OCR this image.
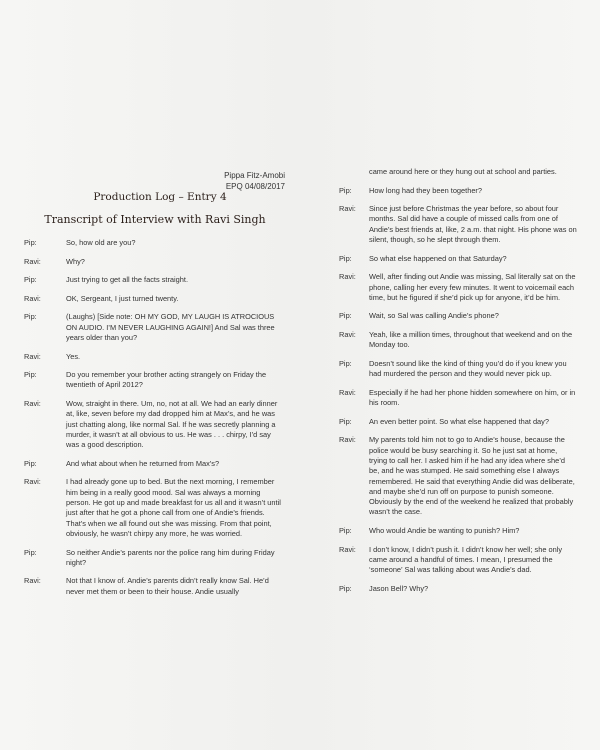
Pippa Fitz-Amobi
EPQ 04/08/2017
Production Log – Entry 4
Transcript of Interview with Ravi Singh
Pip:	So, how old are you?
Ravi:	Why?
Pip:	Just trying to get all the facts straight.
Ravi:	OK, Sergeant, I just turned twenty.
Pip:	(Laughs) [Side note: OH MY GOD, MY LAUGH IS ATROCIOUS ON AUDIO. I’M NEVER LAUGHING AGAIN!] And Sal was three years older than you?
Ravi:	Yes.
Pip:	Do you remember your brother acting strangely on Friday the twentieth of April 2012?
Ravi:	Wow, straight in there. Um, no, not at all. We had an early dinner at, like, seven before my dad dropped him at Max’s, and he was just chatting along, like normal Sal. If he was secretly planning a murder, it wasn’t at all obvious to us. He was . . . chirpy, I’d say was a good description.
Pip:	And what about when he returned from Max’s?
Ravi:	I had already gone up to bed. But the next morning, I remember him being in a really good mood. Sal was always a morning person. He got up and made breakfast for us all and it wasn’t until just after that he got a phone call from one of Andie’s friends. That’s when we all found out she was missing. From that point, obviously, he wasn’t chirpy any more, he was worried.
Pip:	So neither Andie’s parents nor the police rang him during Friday night?
Ravi:	Not that I know of. Andie’s parents didn’t really know Sal. He’d never met them or been to their house. Andie usually
came around here or they hung out at school and parties.
Pip:	How long had they been together?
Ravi:	Since just before Christmas the year before, so about four months. Sal did have a couple of missed calls from one of Andie’s best friends at, like, 2 a.m. that night. His phone was on silent, though, so he slept through them.
Pip:	So what else happened on that Saturday?
Ravi:	Well, after finding out Andie was missing, Sal literally sat on the phone, calling her every few minutes. It went to voicemail each time, but he figured if she’d pick up for anyone, it’d be him.
Pip:	Wait, so Sal was calling Andie’s phone?
Ravi:	Yeah, like a million times, throughout that weekend and on the Monday too.
Pip:	Doesn’t sound like the kind of thing you’d do if you knew you had murdered the person and they would never pick up.
Ravi:	Especially if he had her phone hidden somewhere on him, or in his room.
Pip:	An even better point. So what else happened that day?
Ravi:	My parents told him not to go to Andie’s house, because the police would be busy searching it. So he just sat at home, trying to call her. I asked him if he had any idea where she’d be, and he was stumped. He said something else I always remembered. He said that everything Andie did was deliberate, and maybe she’d run off on purpose to punish someone. Obviously by the end of the weekend he realized that probably wasn’t the case.
Pip:	Who would Andie be wanting to punish? Him?
Ravi:	I don’t know, I didn’t push it. I didn’t know her well; she only came around a handful of times. I mean, I presumed the ‘someone’ Sal was talking about was Andie’s dad.
Pip:	Jason Bell? Why?
